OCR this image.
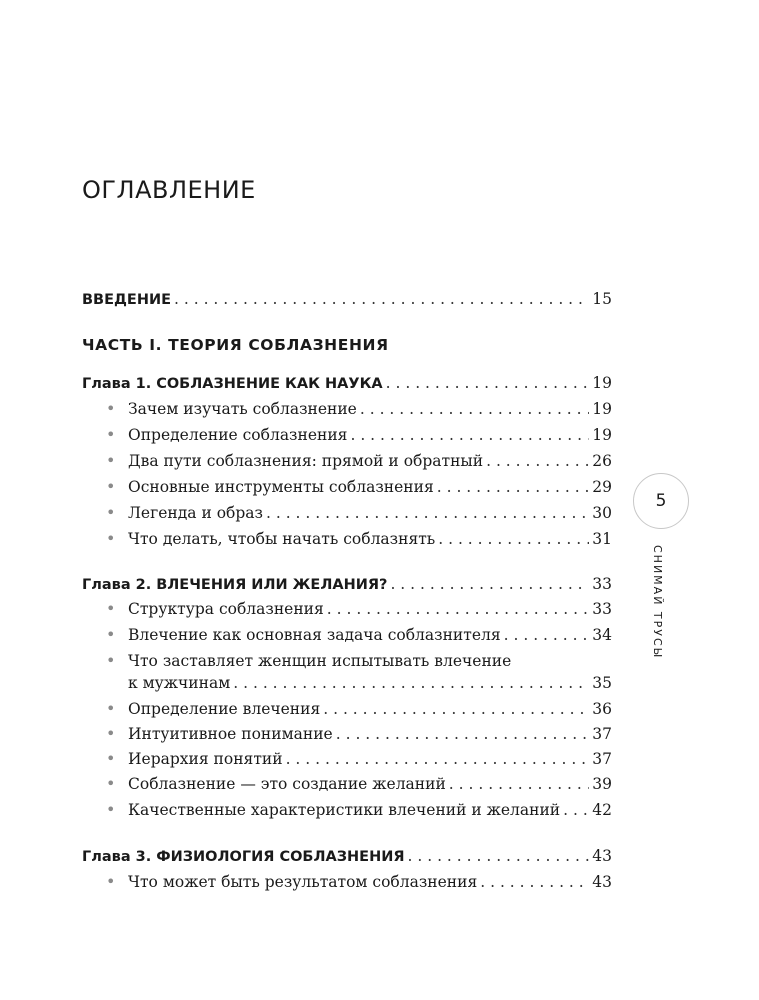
ОГЛАВЛЕНИЕ
ВВЕДЕНИЕ . . .	15
ЧАСТЬ I. ТЕОРИЯ СОБЛАЗНЕНИЯ
Глава 1. СОБЛАЗНЕНИЕ КАК НАУКА . . .	19
• Зачем изучать соблазнение . . .	19
• Определение соблазнения . . .	19
• Два пути соблазнения: прямой и обратный . . .	26
• Основные инструменты соблазнения . . .	29
• Легенда и образ . . .	30
• Что делать, чтобы начать соблазнять . . .	31
Глава 2. ВЛЕЧЕНИЯ ИЛИ ЖЕЛАНИЯ? . . .	33
• Структура соблазнения . . .	33
• Влечение как основная задача соблазнителя . . .	34
• Что заставляет женщин испытывать влечение
к мужчинам . . .	35
• Определение влечения . . .	36
• Интуитивное понимание . . .	37
• Иерархия понятий . . .	37
• Соблазнение — это создание желаний . . .	39
• Качественные характеристики влечений и желаний . . . 42
Глава 3. ФИЗИОЛОГИЯ СОБЛАЗНЕНИЯ . . .	43
• Что может быть результатом соблазнения . . .	43
5
СНИМАЙ ТРУСЫ
